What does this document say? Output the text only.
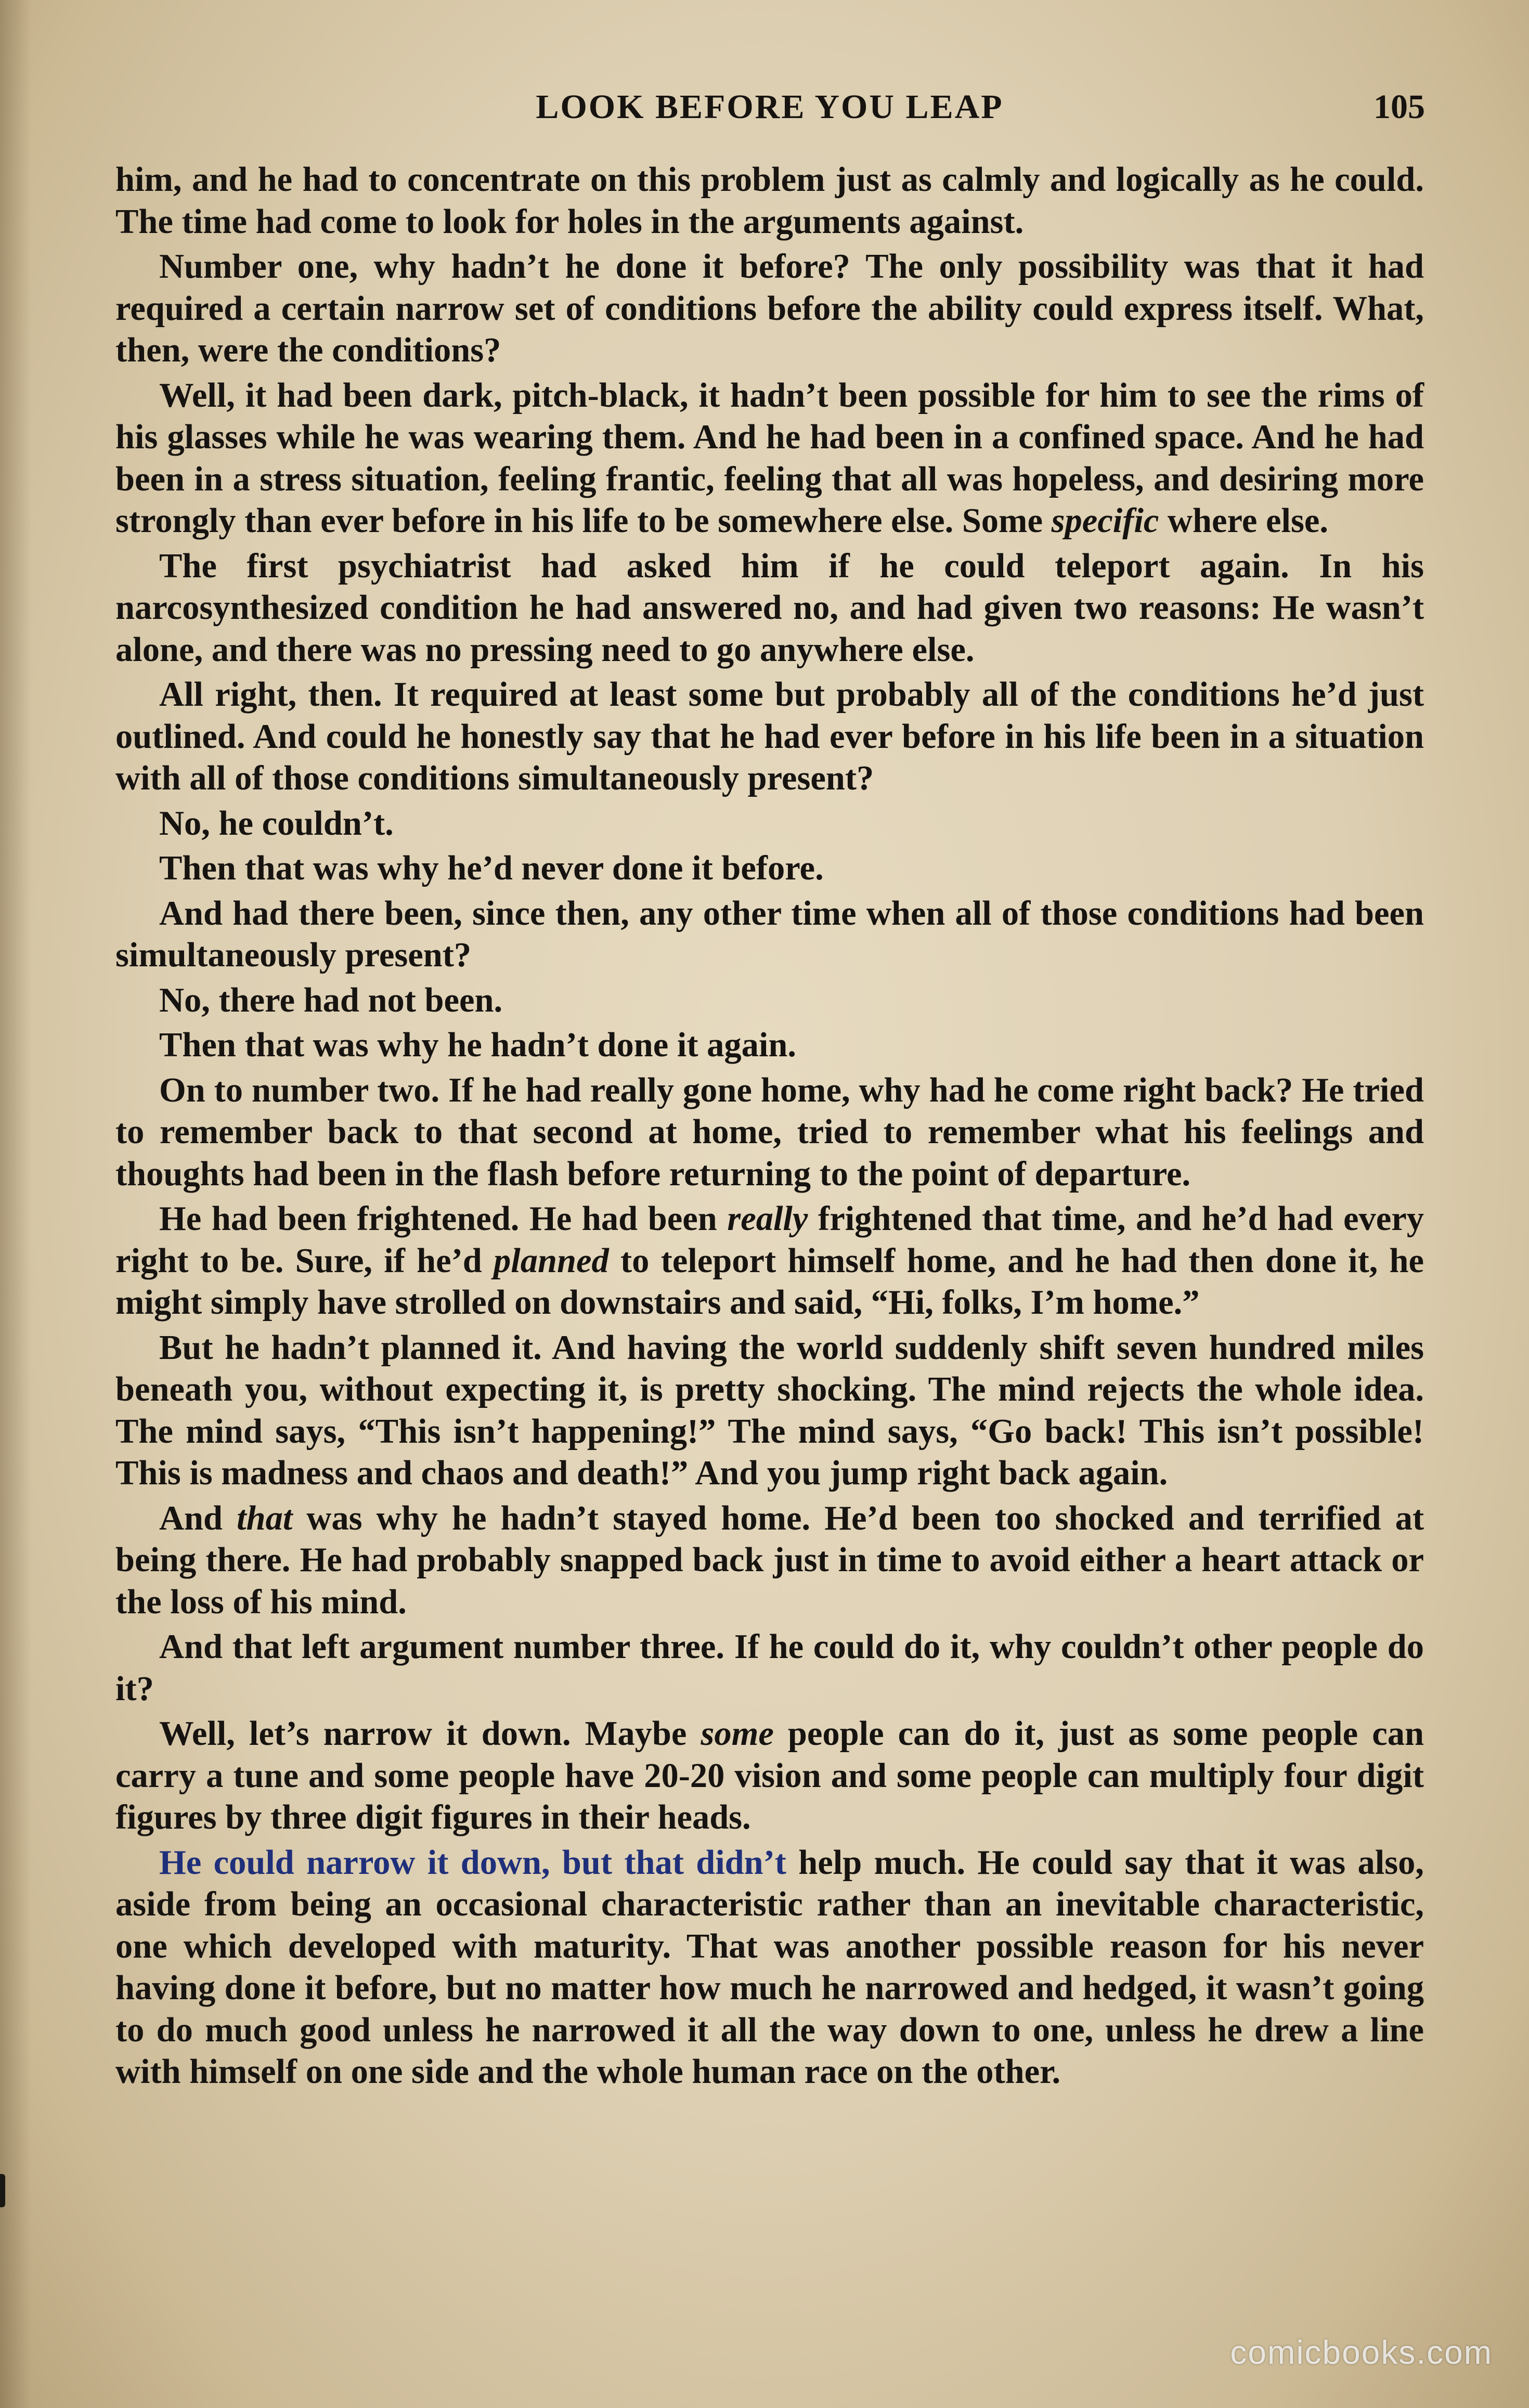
LOOK BEFORE YOU LEAP	105

him, and he had to concentrate on this problem just as calmly and logically as he could. The time had come to look for holes in the arguments against.

Number one, why hadn’t he done it before? The only possibility was that it had required a certain narrow set of conditions before the ability could express itself. What, then, were the conditions?

Well, it had been dark, pitch-black, it hadn’t been possible for him to see the rims of his glasses while he was wearing them. And he had been in a confined space. And he had been in a stress situation, feeling frantic, feeling that all was hopeless, and desiring more strongly than ever before in his life to be somewhere else. Some specific where else.

The first psychiatrist had asked him if he could teleport again. In his narcosynthesized condition he had answered no, and had given two reasons: He wasn’t alone, and there was no pressing need to go anywhere else.

All right, then. It required at least some but probably all of the conditions he’d just outlined. And could he honestly say that he had ever before in his life been in a situation with all of those conditions simultaneously present?

No, he couldn’t.

Then that was why he’d never done it before.

And had there been, since then, any other time when all of those conditions had been simultaneously present?

No, there had not been.

Then that was why he hadn’t done it again.

On to number two. If he had really gone home, why had he come right back? He tried to remember back to that second at home, tried to remember what his feelings and thoughts had been in the flash before returning to the point of departure.

He had been frightened. He had been really frightened that time, and he’d had every right to be. Sure, if he’d planned to teleport himself home, and he had then done it, he might simply have strolled on downstairs and said, “Hi, folks, I’m home.”

But he hadn’t planned it. And having the world suddenly shift seven hundred miles beneath you, without expecting it, is pretty shocking. The mind rejects the whole idea. The mind says, “This isn’t happening!” The mind says, “Go back! This isn’t possible! This is madness and chaos and death!” And you jump right back again.

And that was why he hadn’t stayed home. He’d been too shocked and terrified at being there. He had probably snapped back just in time to avoid either a heart attack or the loss of his mind.

And that left argument number three. If he could do it, why couldn’t other people do it?

Well, let’s narrow it down. Maybe some people can do it, just as some people can carry a tune and some people have 20-20 vision and some people can multiply four digit figures by three digit figures in their heads.

He could narrow it down, but that didn’t help much. He could say that it was also, aside from being an occasional characteristic rather than an inevitable characteristic, one which developed with maturity. That was another possible reason for his never having done it before, but no matter how much he narrowed and hedged, it wasn’t going to do much good unless he narrowed it all the way down to one, unless he drew a line with himself on one side and the whole human race on the other.

comicbooks.com
